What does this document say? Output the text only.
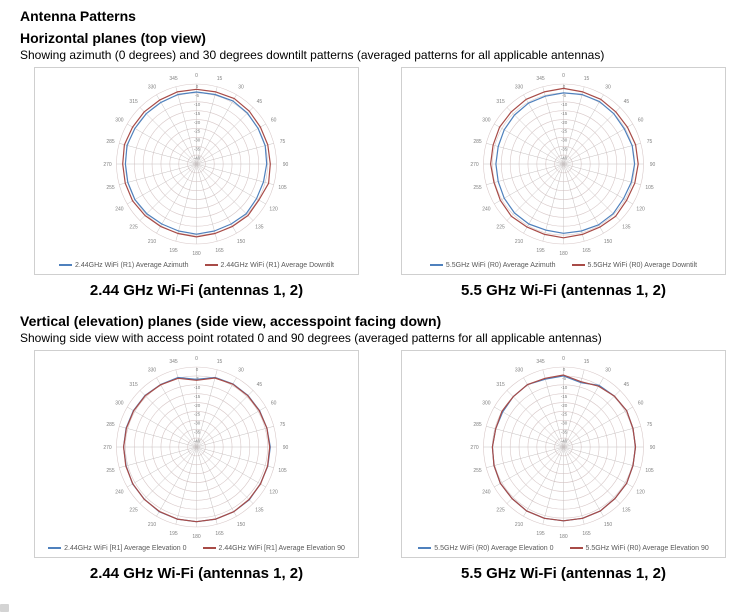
Antenna Patterns
Horizontal planes (top view)
Showing azimuth (0 degrees) and 30 degrees downtilt patterns (averaged patterns for all applicable antennas)
0	15
30
45
60
75
90
105
120
135
150
165
180
195
210
225
240
255
270
285
300
315
330
345
0
-5
-10
-15
-20
-25
-30
-35
-40
2.44GHz WiFi (R1) Average Azimuth	2.44GHz WiFi (R1) Average Downtilt
2.44 GHz Wi-Fi (antennas 1, 2)
0	15
30
45
60
75
90
105
120
135
150
165
180
195
210
225
240
255
270
285
300
315
330
345
0
-5
-10
-15
-20
-25
-30
-35
-40
5.5GHz WiFi (R0) Average Azimuth	5.5GHz WiFi (R0) Average Downtilt
5.5 GHz Wi-Fi (antennas 1, 2)
Vertical (elevation) planes (side view, accesspoint facing down)
Showing side view with access point rotated 0 and 90 degrees (averaged patterns for all applicable antennas)
0	15
30
45
60
75
90
105
120
135
150
165
180
195
210
225
240
255
270
285
300
315
330
345
0
-5
-10
-15
-20
-25
-30
-35
-40
2.44GHz WiFi [R1] Average Elevation 0	2.44GHz WiFi [R1] Average Elevation 90
2.44 GHz Wi-Fi (antennas 1, 2)
0	15
30
45
60
75
90
105
120
135
150
165
180
195
210
225
240
255
270
285
300
315
330
345
0
-5
-10
-15
-20
-25
-30
-35
-40
5.5GHz WiFi (R0) Average Elevation 0	5.5GHz WiFi (R0) Average Elevation 90
5.5 GHz Wi-Fi (antennas 1, 2)
